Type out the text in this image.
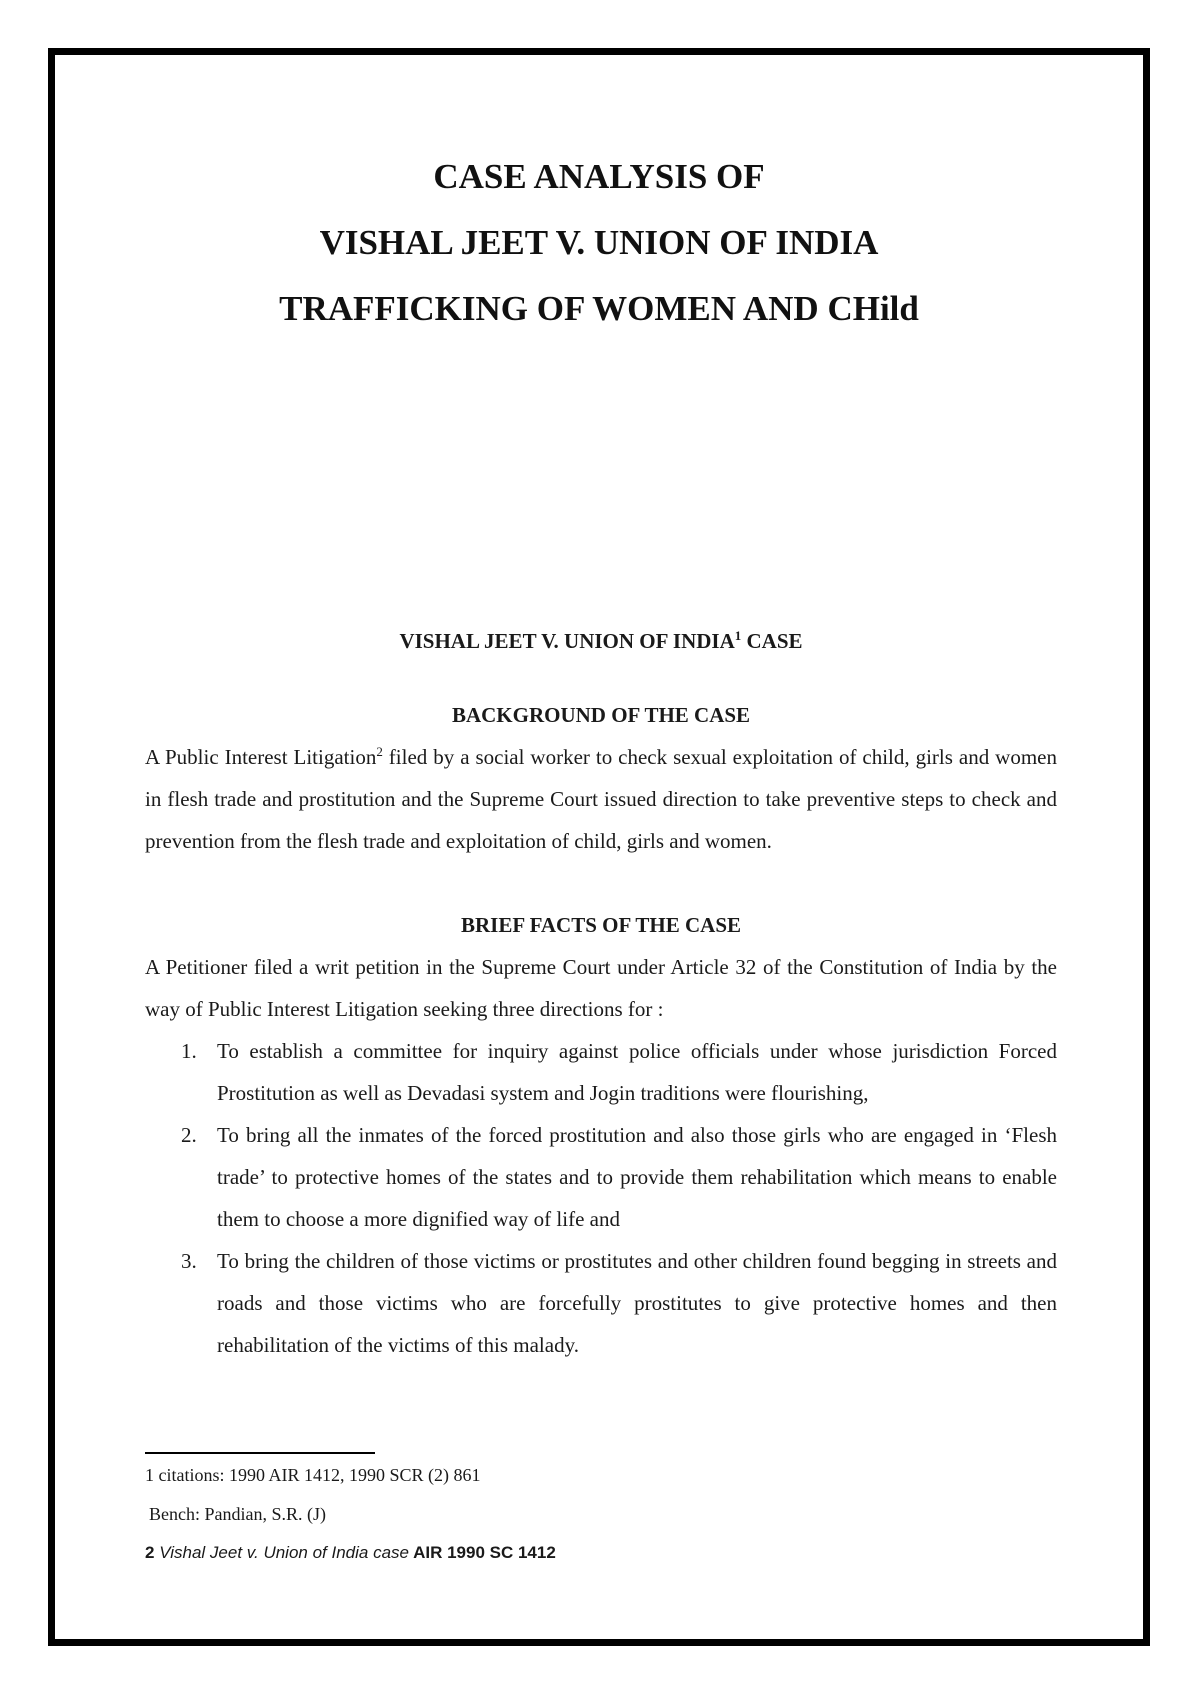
CASE ANALYSIS OF

VISHAL JEET V. UNION OF INDIA

TRAFFICKING OF WOMEN AND CHild

VISHAL JEET V. UNION OF INDIA$^1$ CASE

BACKGROUND OF THE CASE

A Public Interest Litigation$^2$ filed by a social worker to check sexual exploitation of child, girls and women in flesh trade and prostitution and the Supreme Court issued direction to take preventive steps to check and prevention from the flesh trade and exploitation of child, girls and women.

BRIEF FACTS OF THE CASE

A Petitioner filed a writ petition in the Supreme Court under Article 32 of the Constitution of India by the way of Public Interest Litigation seeking three directions for :

1. To establish a committee for inquiry against police officials under whose jurisdiction Forced Prostitution as well as Devadasi system and Jogin traditions were flourishing,
2. To bring all the inmates of the forced prostitution and also those girls who are engaged in ‘Flesh trade’ to protective homes of the states and to provide them rehabilitation which means to enable them to choose a more dignified way of life and
3. To bring the children of those victims or prostitutes and other children found begging in streets and roads and those victims who are forcefully prostitutes to give protective homes and then rehabilitation of the victims of this malady.

1 citations: 1990 AIR 1412, 1990 SCR (2) 861

Bench: Pandian, S.R. (J)

2 Vishal Jeet v. Union of India case AIR 1990 SC 1412
